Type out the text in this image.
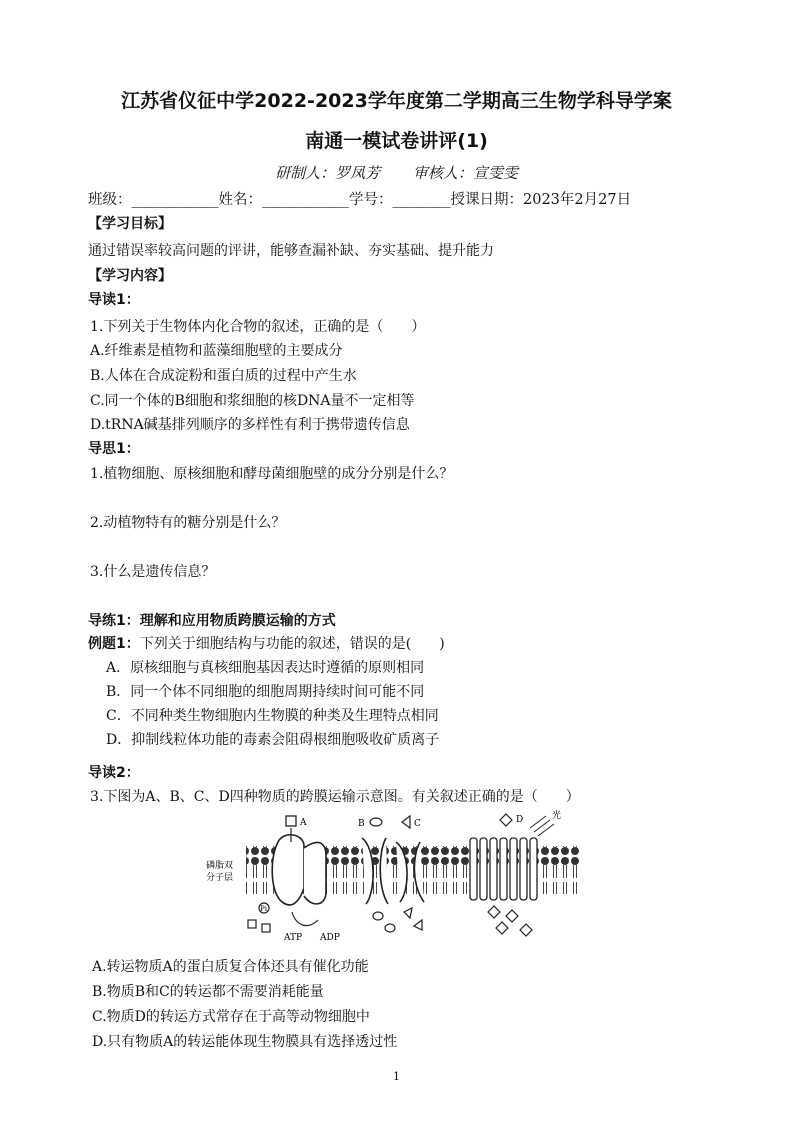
江苏省仪征中学2022-2023学年度第二学期高三生物学科导学案
南通一模试卷讲评(1)
研制人：罗凤芳 审核人：宣雯雯
班级：____________姓名：____________学号：________授课日期：2023年2月27日
【学习目标】
通过错误率较高问题的评讲，能够查漏补缺、夯实基础、提升能力
【学习内容】
导读1：
1.下列关于生物体内化合物的叙述，正确的是（　　）
A.纤维素是植物和蓝藻细胞壁的主要成分
B.人体在合成淀粉和蛋白质的过程中产生水
C.同一个体的B细胞和浆细胞的核DNA量不一定相等
D.tRNA碱基排列顺序的多样性有利于携带遗传信息
导思1：
1.植物细胞、原核细胞和酵母菌细胞壁的成分分别是什么？
2.动植物特有的糖分别是什么？
3.什么是遗传信息？
导练1：理解和应用物质跨膜运输的方式
例题1：下列关于细胞结构与功能的叙述，错误的是(　　)
A．原核细胞与真核细胞基因表达时遵循的原则相同
B．同一个体不同细胞的细胞周期持续时间可能不同
C．不同种类生物细胞内生物膜的种类及生理特点相同
D．抑制线粒体功能的毒素会阻碍根细胞吸收矿质离子
导读2：
3.下图为A、B、C、D四种物质的跨膜运输示意图。有关叙述正确的是（　　）
磷脂双
分子层
A
Pi
ATP ADP
B	C	D	光
A.转运物质A的蛋白质复合体还具有催化功能
B.物质B和C的转运都不需要消耗能量
C.物质D的转运方式常存在于高等动物细胞中
D.只有物质A的转运能体现生物膜具有选择透过性
1
